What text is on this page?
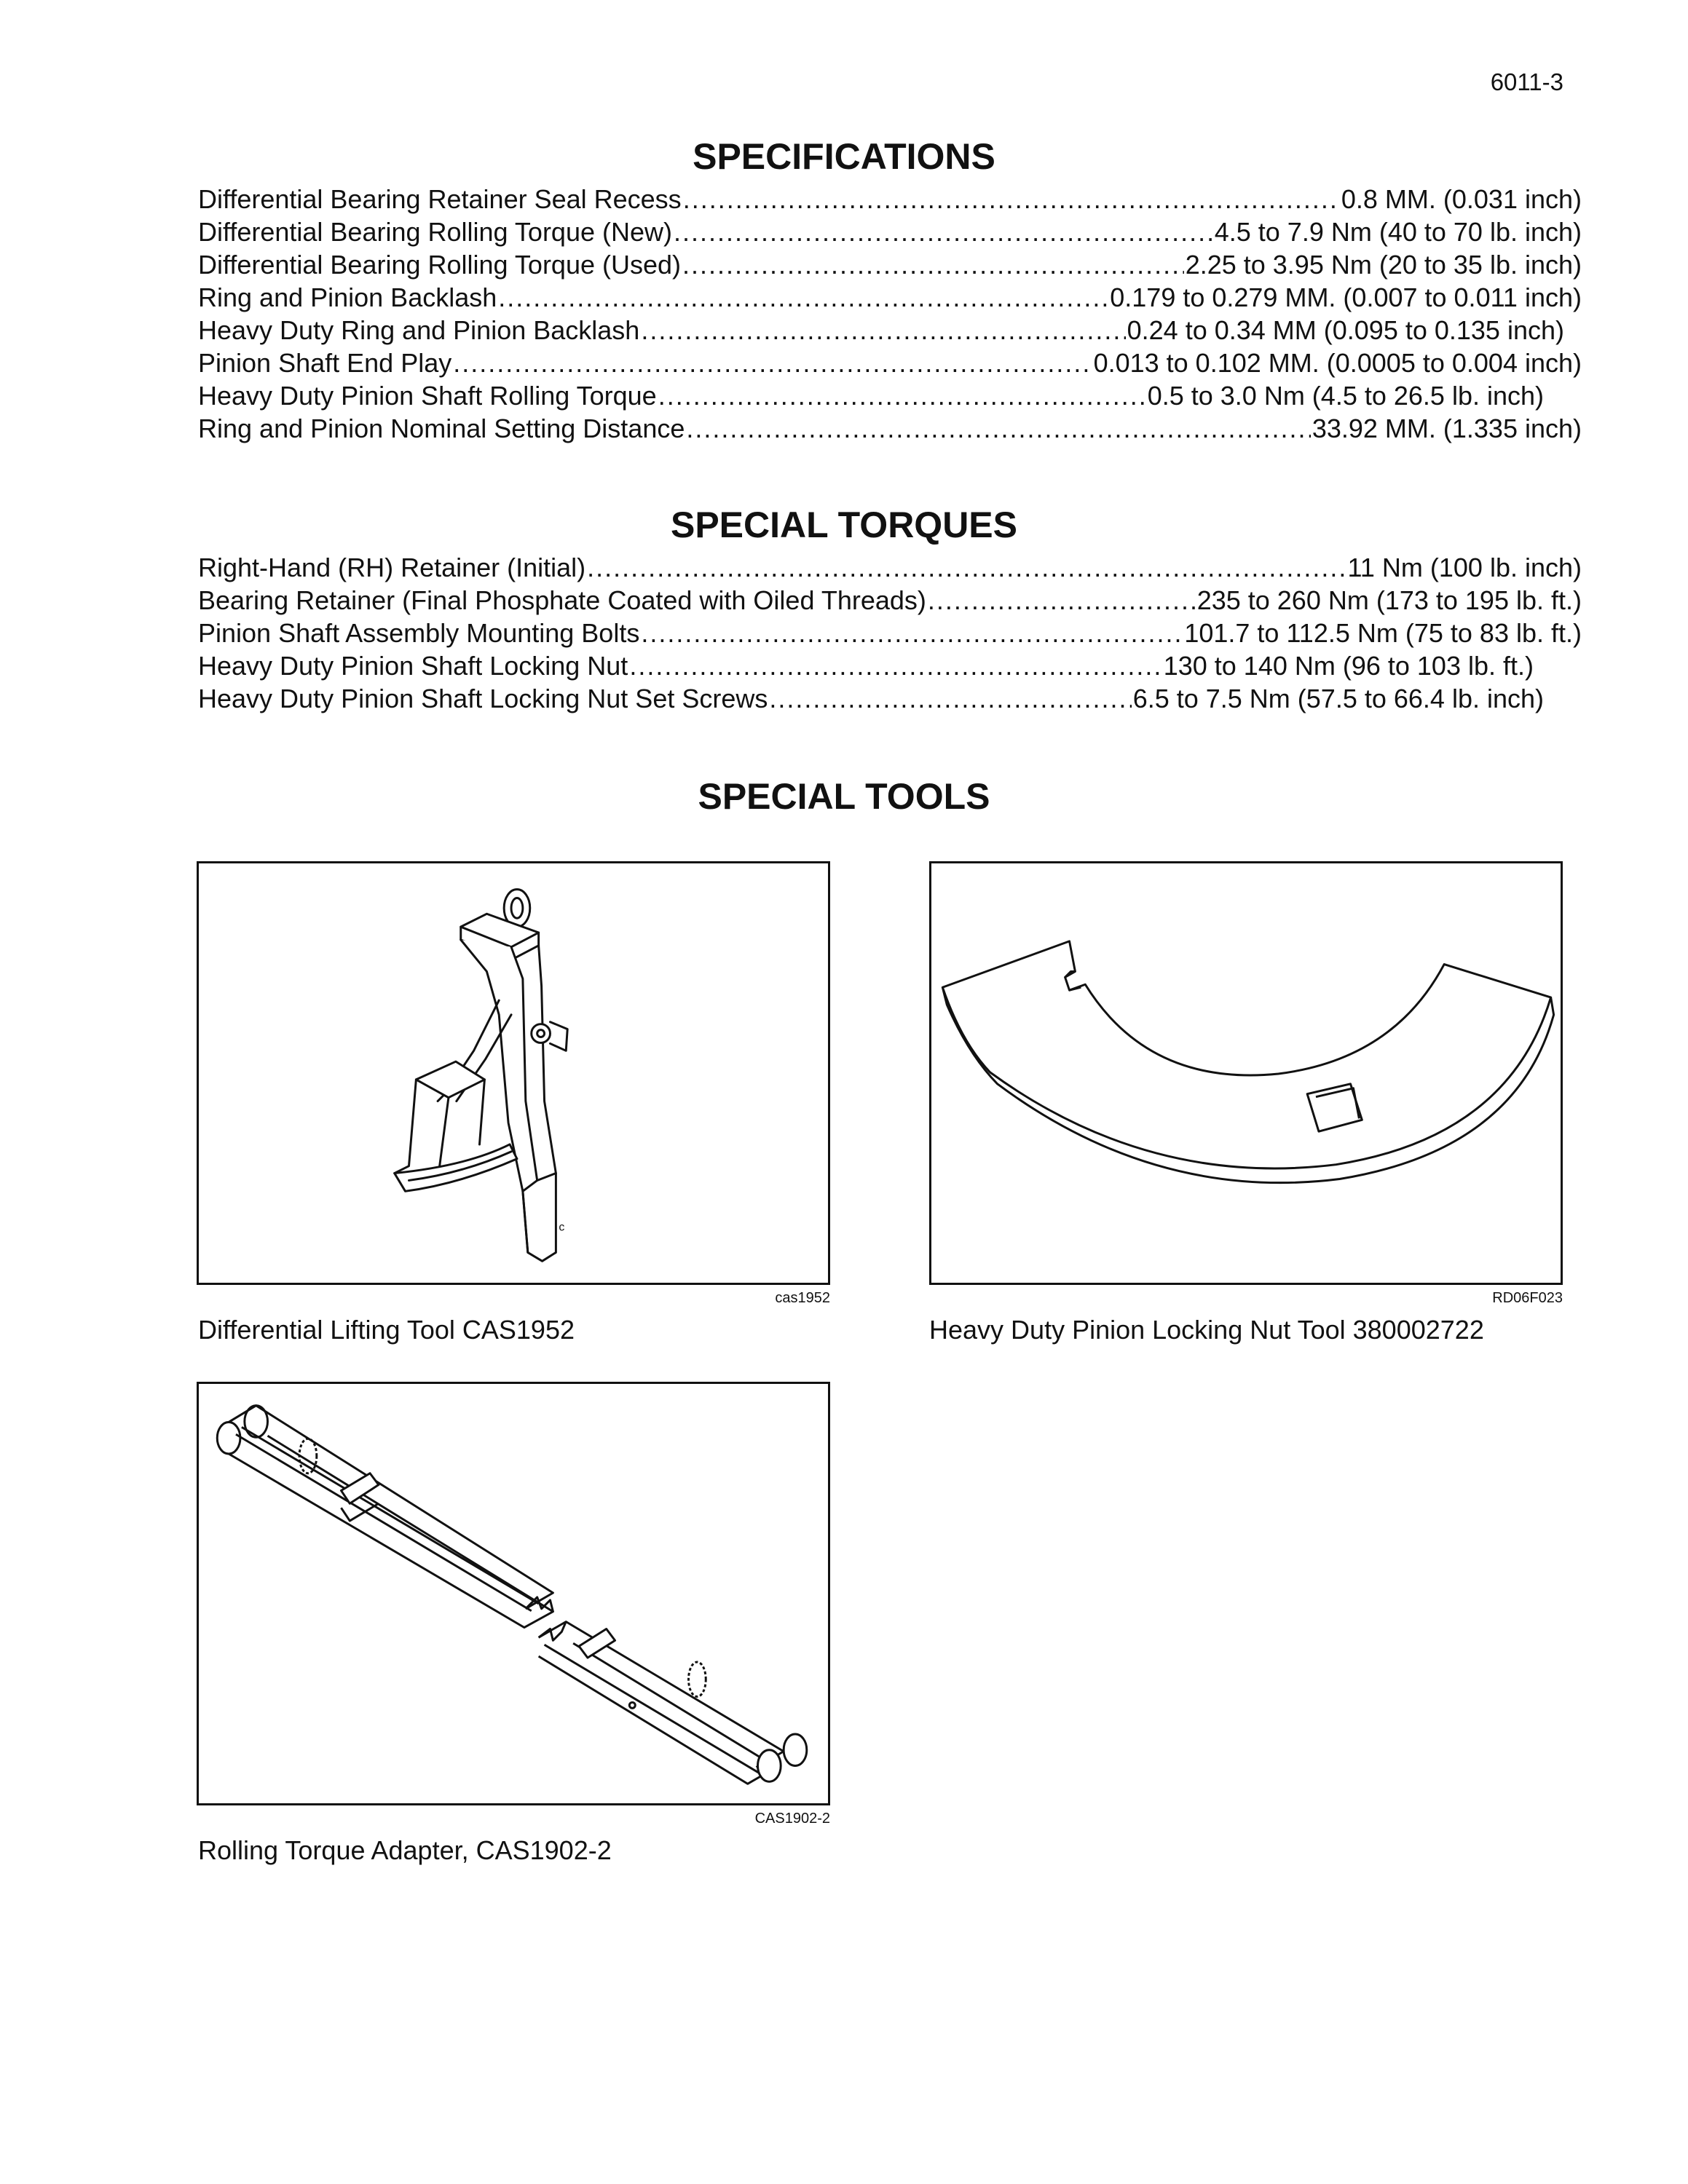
6011-3
SPECIFICATIONS
Differential Bearing Retainer Seal Recess .....	0.8 MM. (0.031 inch)
Differential Bearing Rolling Torque (New) .....	4.5 to 7.9 Nm (40 to 70 lb. inch)
Differential Bearing Rolling Torque (Used) .....	2.25 to 3.95 Nm (20 to 35 lb. inch)
Ring and Pinion Backlash .....	0.179 to 0.279 MM. (0.007 to 0.011 inch)
Heavy Duty Ring and Pinion Backlash .....	0.24 to 0.34 MM (0.095 to 0.135 inch)
Pinion Shaft End Play .....	0.013 to 0.102 MM. (0.0005 to 0.004 inch)
Heavy Duty Pinion Shaft Rolling Torque .....	0.5 to 3.0 Nm (4.5 to 26.5 lb. inch)
Ring and Pinion Nominal Setting Distance .....	33.92 MM. (1.335 inch)
SPECIAL TORQUES
Right-Hand (RH) Retainer (Initial) .....	11 Nm (100 lb. inch)
Bearing Retainer (Final Phosphate Coated with Oiled Threads) .....	235 to 260 Nm (173 to 195 lb. ft.)
Pinion Shaft Assembly Mounting Bolts .....	101.7 to 112.5 Nm (75 to 83 lb. ft.)
Heavy Duty Pinion Shaft Locking Nut .....	130 to 140 Nm (96 to 103 lb. ft.)
Heavy Duty Pinion Shaft Locking Nut Set Screws .....	6.5 to 7.5 Nm (57.5 to 66.4 lb. inch)
SPECIAL TOOLS
c
cas1952
Differential Lifting Tool CAS1952
RD06F023
Heavy Duty Pinion Locking Nut Tool 380002722
CAS1902-2
Rolling Torque Adapter, CAS1902-2
